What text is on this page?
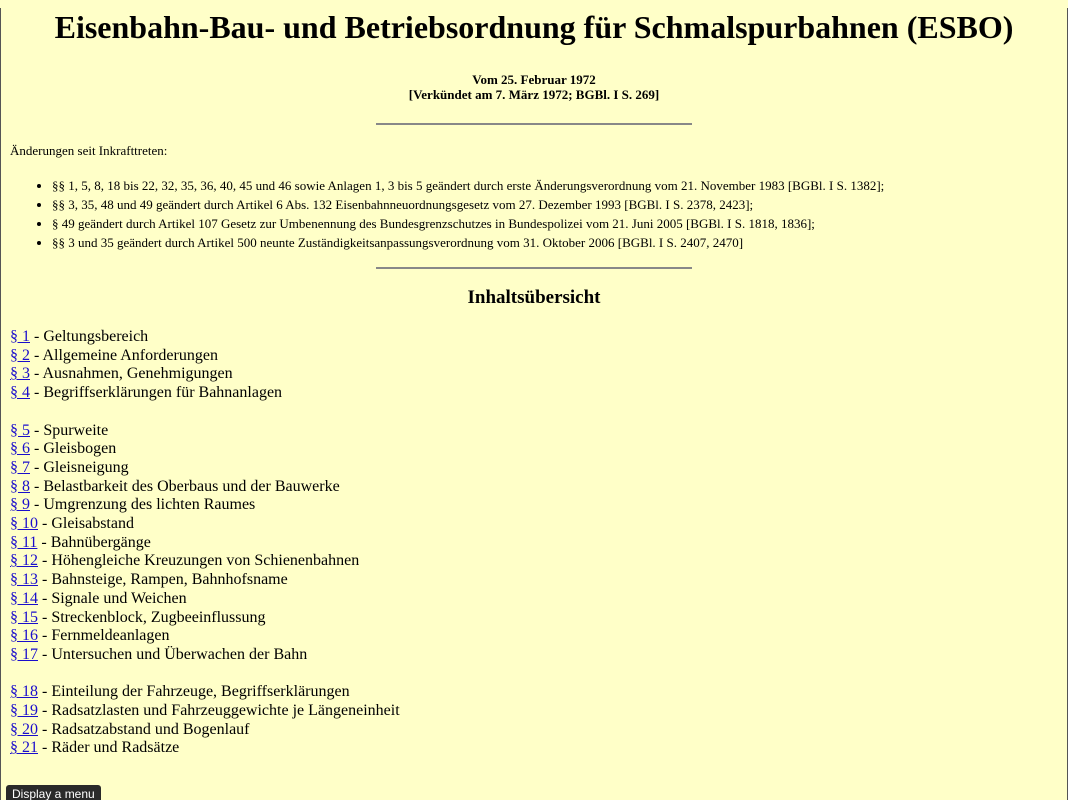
Eisenbahn-Bau- und Betriebsordnung für Schmalspurbahnen (ESBO)
Vom 25. Februar 1972
[Verkündet am 7. März 1972; BGBl. I S. 269]
Änderungen seit Inkrafttreten:
• §§ 1, 5, 8, 18 bis 22, 32, 35, 36, 40, 45 und 46 sowie Anlagen 1, 3 bis 5 geändert durch erste Änderungsverordnung vom 21. November 1983 [BGBl. I S. 1382];
• §§ 3, 35, 48 und 49 geändert durch Artikel 6 Abs. 132 Eisenbahnneuordnungsgesetz vom 27. Dezember 1993 [BGBl. I S. 2378, 2423];
• § 49 geändert durch Artikel 107 Gesetz zur Umbenennung des Bundesgrenzschutzes in Bundespolizei vom 21. Juni 2005 [BGBl. I S. 1818, 1836];
• §§ 3 und 35 geändert durch Artikel 500 neunte Zuständigkeitsanpassungsverordnung vom 31. Oktober 2006 [BGBl. I S. 2407, 2470]
Inhaltsübersicht
§ 1 - Geltungsbereich
§ 2 - Allgemeine Anforderungen
§ 3 - Ausnahmen, Genehmigungen
§ 4 - Begriffserklärungen für Bahnanlagen
§ 5 - Spurweite
§ 6 - Gleisbogen
§ 7 - Gleisneigung
§ 8 - Belastbarkeit des Oberbaus und der Bauwerke
§ 9 - Umgrenzung des lichten Raumes
§ 10 - Gleisabstand
§ 11 - Bahnübergänge
§ 12 - Höhengleiche Kreuzungen von Schienenbahnen
§ 13 - Bahnsteige, Rampen, Bahnhofsname
§ 14 - Signale und Weichen
§ 15 - Streckenblock, Zugbeeinflussung
§ 16 - Fernmeldeanlagen
§ 17 - Untersuchen und Überwachen der Bahn
§ 18 - Einteilung der Fahrzeuge, Begriffserklärungen
§ 19 - Radsatzlasten und Fahrzeuggewichte je Längeneinheit
§ 20 - Radsatzabstand und Bogenlauf
§ 21 - Räder und Radsätze
Display a menu
